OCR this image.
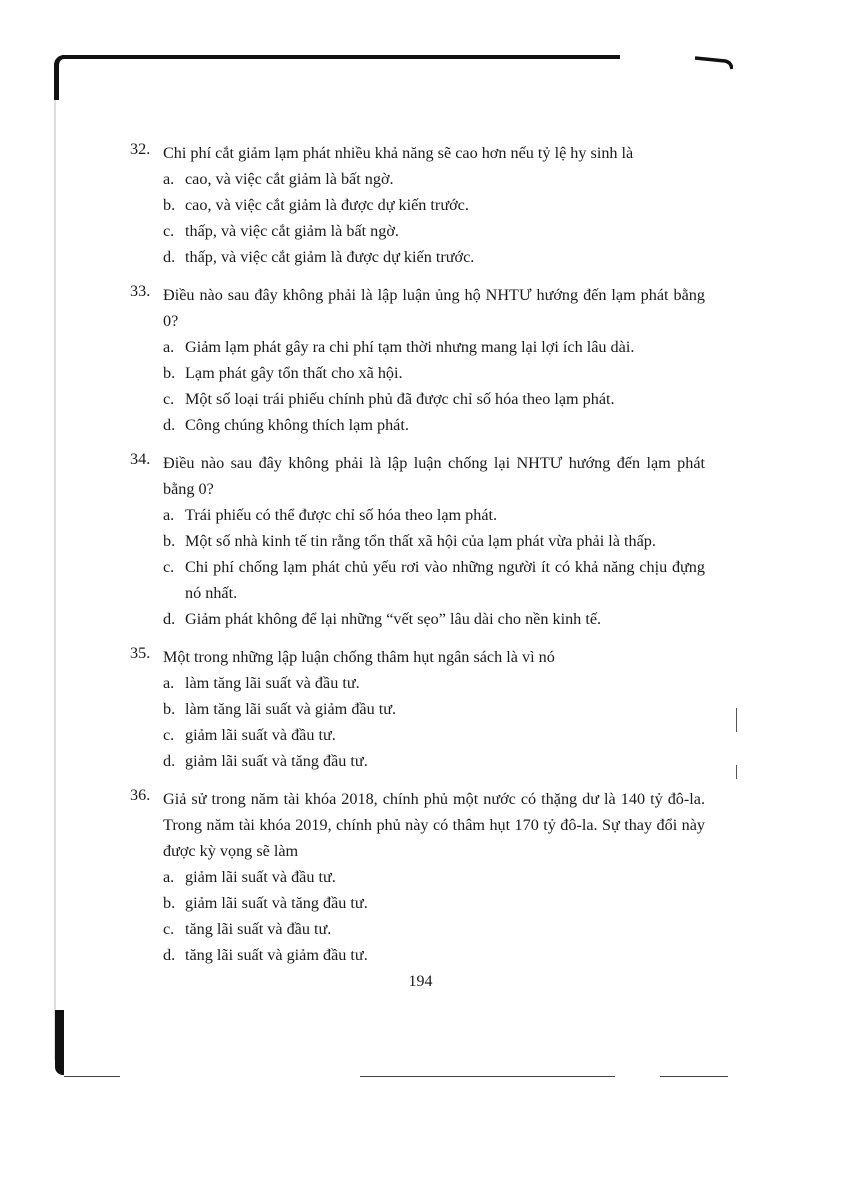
32. Chi phí cắt giảm lạm phát nhiều khả năng sẽ cao hơn nếu tỷ lệ hy sinh là
a. cao, và việc cắt giảm là bất ngờ.
b. cao, và việc cắt giảm là được dự kiến trước.
c. thấp, và việc cắt giảm là bất ngờ.
d. thấp, và việc cắt giảm là được dự kiến trước.
33. Điều nào sau đây không phải là lập luận ủng hộ NHTƯ hướng đến lạm phát bằng 0?
a. Giảm lạm phát gây ra chi phí tạm thời nhưng mang lại lợi ích lâu dài.
b. Lạm phát gây tổn thất cho xã hội.
c. Một số loại trái phiếu chính phủ đã được chỉ số hóa theo lạm phát.
d. Công chúng không thích lạm phát.
34. Điều nào sau đây không phải là lập luận chống lại NHTƯ hướng đến lạm phát bằng 0?
a. Trái phiếu có thể được chỉ số hóa theo lạm phát.
b. Một số nhà kinh tế tin rằng tổn thất xã hội của lạm phát vừa phải là thấp.
c. Chi phí chống lạm phát chủ yếu rơi vào những người ít có khả năng chịu đựng nó nhất.
d. Giảm phát không để lại những “vết sẹo” lâu dài cho nền kinh tế.
35. Một trong những lập luận chống thâm hụt ngân sách là vì nó
a. làm tăng lãi suất và đầu tư.
b. làm tăng lãi suất và giảm đầu tư.
c. giảm lãi suất và đầu tư.
d. giảm lãi suất và tăng đầu tư.
36. Giả sử trong năm tài khóa 2018, chính phủ một nước có thặng dư là 140 tỷ đô-la. Trong năm tài khóa 2019, chính phủ này có thâm hụt 170 tỷ đô-la. Sự thay đổi này được kỳ vọng sẽ làm
a. giảm lãi suất và đầu tư.
b. giảm lãi suất và tăng đầu tư.
c. tăng lãi suất và đầu tư.
d. tăng lãi suất và giảm đầu tư.
194
